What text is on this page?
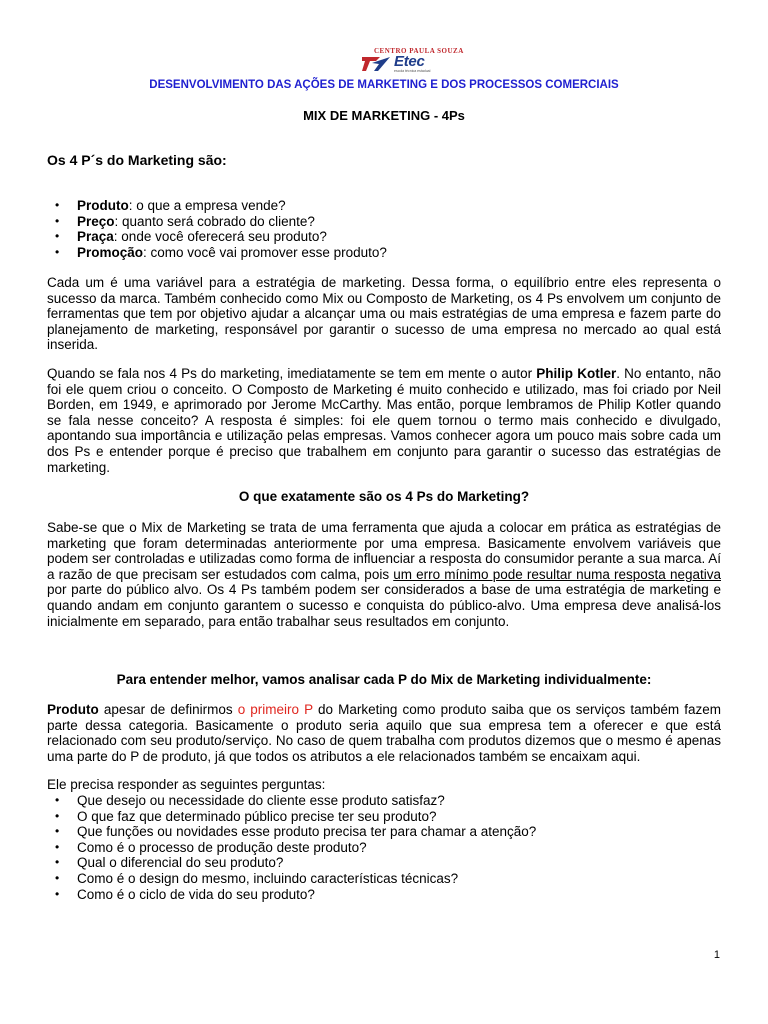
CENTRO PAULA SOUZA
Etec
escola técnica estadual
DESENVOLVIMENTO DAS AÇÕES DE MARKETING E DOS PROCESSOS COMERCIAIS
MIX DE MARKETING - 4Ps
Os 4 P´s do Marketing são:
• Produto: o que a empresa vende?
• Preço: quanto será cobrado do cliente?
• Praça: onde você oferecerá seu produto?
• Promoção: como você vai promover esse produto?

Cada um é uma variável para a estratégia de marketing. Dessa forma, o equilíbrio entre eles representa o sucesso da marca. Também conhecido como Mix ou Composto de Marketing, os 4 Ps envolvem um conjunto de ferramentas que tem por objetivo ajudar a alcançar uma ou mais estratégias de uma empresa e fazem parte do planejamento de marketing, responsável por garantir o sucesso de uma empresa no mercado ao qual está inserida.

Quando se fala nos 4 Ps do marketing, imediatamente se tem em mente o autor Philip Kotler. No entanto, não foi ele quem criou o conceito. O Composto de Marketing é muito conhecido e utilizado, mas foi criado por Neil Borden, em 1949, e aprimorado por Jerome McCarthy. Mas então, porque lembramos de Philip Kotler quando se fala nesse conceito? A resposta é simples: foi ele quem tornou o termo mais conhecido e divulgado, apontando sua importância e utilização pelas empresas. Vamos conhecer agora um pouco mais sobre cada um dos Ps e entender porque é preciso que trabalhem em conjunto para garantir o sucesso das estratégias de marketing.

O que exatamente são os 4 Ps do Marketing?

Sabe-se que o Mix de Marketing se trata de uma ferramenta que ajuda a colocar em prática as estratégias de marketing que foram determinadas anteriormente por uma empresa. Basicamente envolvem variáveis que podem ser controladas e utilizadas como forma de influenciar a resposta do consumidor perante a sua marca. Aí a razão de que precisam ser estudados com calma, pois um erro mínimo pode resultar numa resposta negativa por parte do público alvo. Os 4 Ps também podem ser considerados a base de uma estratégia de marketing e quando andam em conjunto garantem o sucesso e conquista do público-alvo. Uma empresa deve analisá-los inicialmente em separado, para então trabalhar seus resultados em conjunto.

Para entender melhor, vamos analisar cada P do Mix de Marketing individualmente:

Produto apesar de definirmos o primeiro P do Marketing como produto saiba que os serviços também fazem parte dessa categoria. Basicamente o produto seria aquilo que sua empresa tem a oferecer e que está relacionado com seu produto/serviço. No caso de quem trabalha com produtos dizemos que o mesmo é apenas uma parte do P de produto, já que todos os atributos a ele relacionados também se encaixam aqui.

Ele precisa responder as seguintes perguntas:
• Que desejo ou necessidade do cliente esse produto satisfaz?
• O que faz que determinado público precise ter seu produto?
• Que funções ou novidades esse produto precisa ter para chamar a atenção?
• Como é o processo de produção deste produto?
• Qual o diferencial do seu produto?
• Como é o design do mesmo, incluindo características técnicas?
• Como é o ciclo de vida do seu produto?
1
